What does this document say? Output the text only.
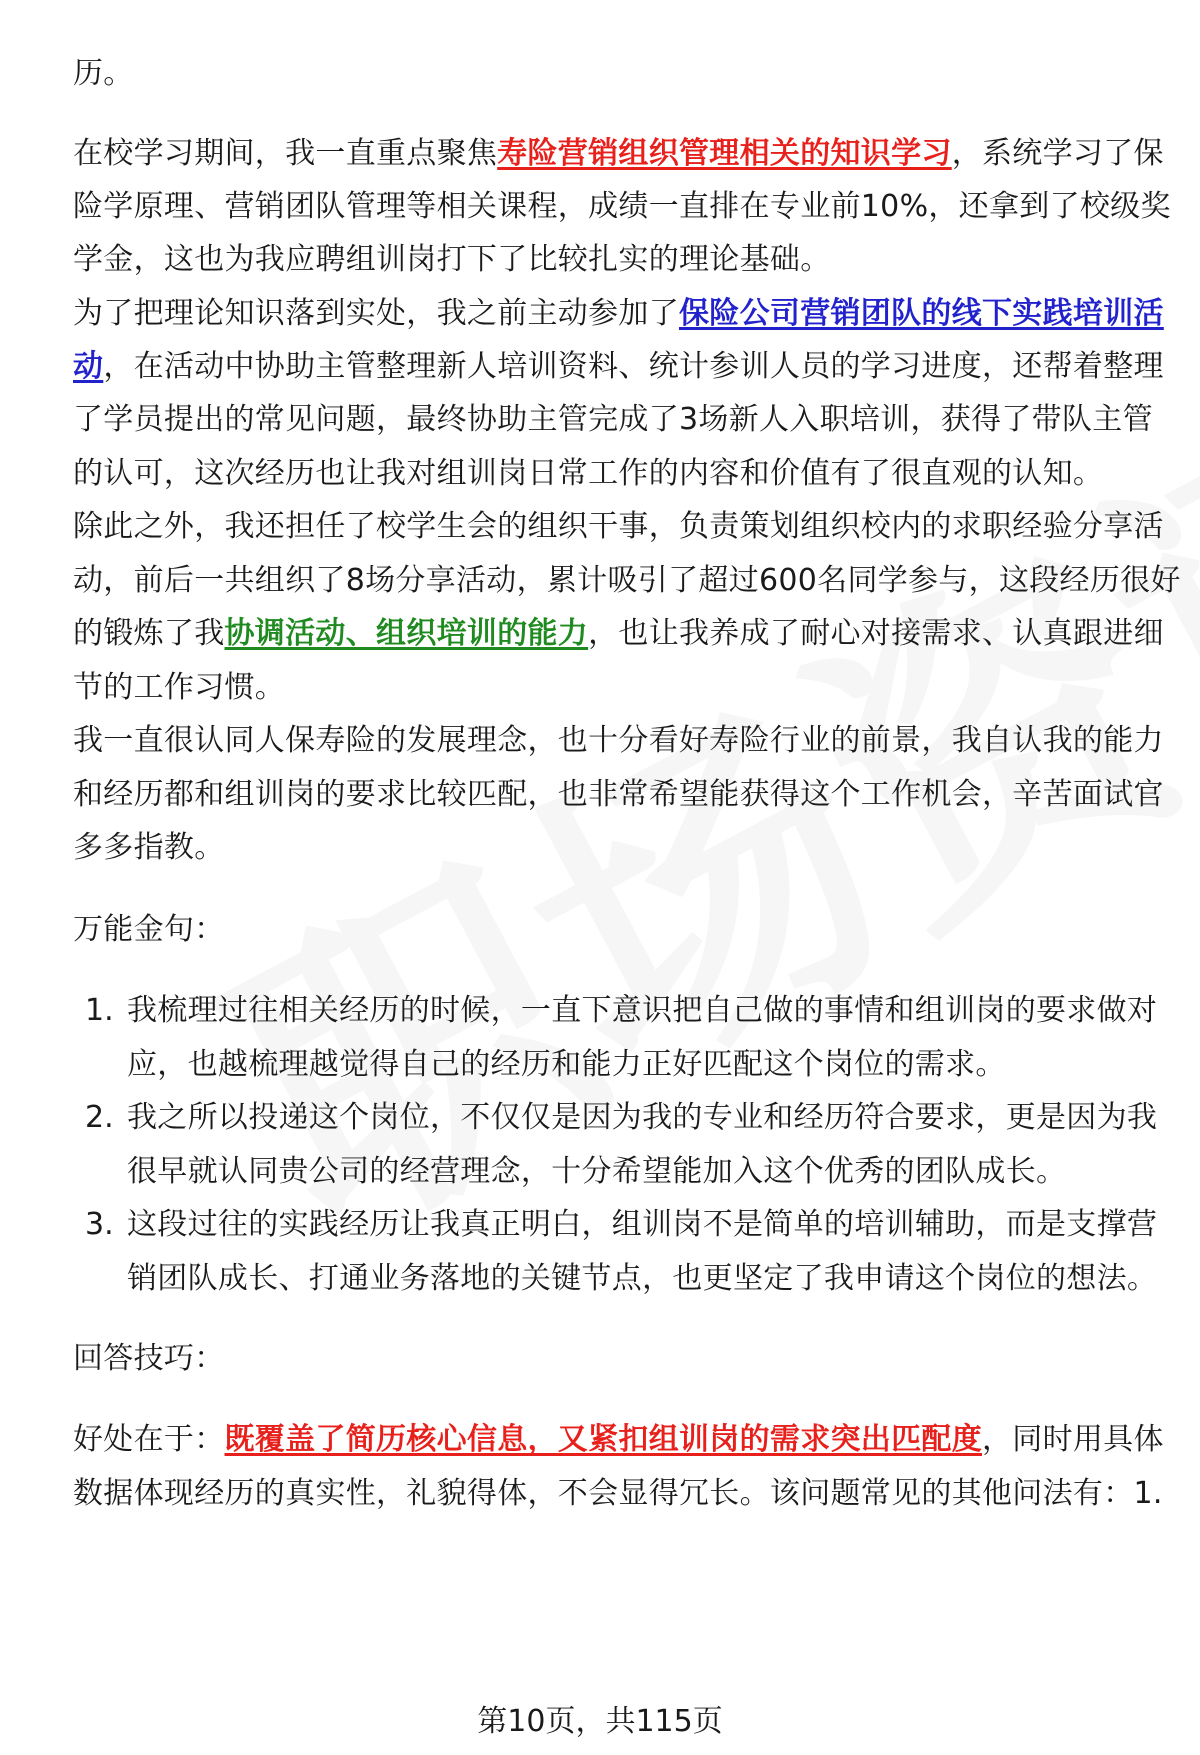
历。
在校学习期间，我一直重点聚焦寿险营销组织管理相关的知识学习，系统学习了保
险学原理、营销团队管理等相关课程，成绩一直排在专业前10%，还拿到了校级奖
学金，这也为我应聘组训岗打下了比较扎实的理论基础。
为了把理论知识落到实处，我之前主动参加了保险公司营销团队的线下实践培训活
动，在活动中协助主管整理新人培训资料、统计参训人员的学习进度，还帮着整理
了学员提出的常见问题，最终协助主管完成了3场新人入职培训，获得了带队主管
的认可，这次经历也让我对组训岗日常工作的内容和价值有了很直观的认知。
除此之外，我还担任了校学生会的组织干事，负责策划组织校内的求职经验分享活
动，前后一共组织了8场分享活动，累计吸引了超过600名同学参与，这段经历很好
的锻炼了我协调活动、组织培训的能力，也让我养成了耐心对接需求、认真跟进细
节的工作习惯。
我一直很认同人保寿险的发展理念，也十分看好寿险行业的前景，我自认我的能力
和经历都和组训岗的要求比较匹配，也非常希望能获得这个工作机会，辛苦面试官
多多指教。
万能金句：
1. 我梳理过往相关经历的时候，一直下意识把自己做的事情和组训岗的要求做对
应，也越梳理越觉得自己的经历和能力正好匹配这个岗位的需求。
2. 我之所以投递这个岗位，不仅仅是因为我的专业和经历符合要求，更是因为我
很早就认同贵公司的经营理念，十分希望能加入这个优秀的团队成长。
3. 这段过往的实践经历让我真正明白，组训岗不是简单的培训辅助，而是支撑营
销团队成长、打通业务落地的关键节点，也更坚定了我申请这个岗位的想法。
回答技巧：
好处在于：既覆盖了简历核心信息，又紧扣组训岗的需求突出匹配度，同时用具体
数据体现经历的真实性，礼貌得体，不会显得冗长。该问题常见的其他问法有：1.
第10页，共115页
